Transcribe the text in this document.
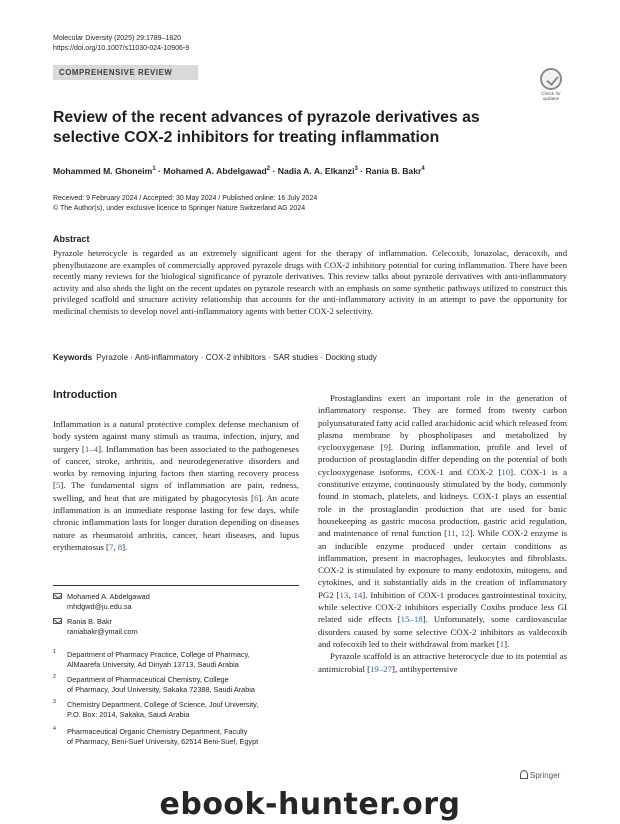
Molecular Diversity (2025) 29:1789–1820
https://doi.org/10.1007/s11030-024-10906-9
COMPREHENSIVE REVIEW
Check for
updates
Review of the recent advances of pyrazole derivatives as selective COX-2 inhibitors for treating inflammation
Mohammed M. Ghoneim$^1$ · Mohamed A. Abdelgawad$^2$ · Nadia A. A. Elkanzi$^3$ · Rania B. Bakr$^4$
Received: 9 February 2024 / Accepted: 30 May 2024 / Published online: 16 July 2024
© The Author(s), under exclusive licence to Springer Nature Switzerland AG 2024
Abstract
Pyrazole heterocycle is regarded as an extremely significant agent for the therapy of inflammation. Celecoxib, lonazolac, deracoxib, and phenylbutazone are examples of commercially approved pyrazole drugs with COX-2 inhibitory potential for curing inflammation. There have been recently many reviews for the biological significance of pyrazole derivatives. This review talks about pyrazole derivatives with anti-inflammatory activity and also sheds the light on the recent updates on pyrazole research with an emphasis on some synthetic pathways utilized to construct this privileged scaffold and structure activity relationship that accounts for the anti-inflammatory activity in an attempt to pave the opportunity for medicinal chemists to develop novel anti-inflammatory agents with better COX-2 selectivity.
Keywords Pyrazole · Anti-inflammatory · COX-2 inhibitors · SAR studies · Docking study
Introduction
Inflammation is a natural protective complex defense mechanism of body system against many stimuli as trauma, infection, injury, and surgery [1–4]. Inflammation has been associated to the pathogeneses of cancer, stroke, arthritis, and neurodegenerative disorders and works by removing injuring factors then starting recovery process [5]. The fundamental signs of inflammation are pain, redness, swelling, and heat that are mitigated by phagocytosis [6]. An acute inflammation is an immediate response lasting for few days, while chronic inflammation lasts for longer duration depending on diseases nature as rheumatoid arthritis, cancer, heart diseases, and lupus erythematosus [7, 8].

Prostaglandins exert an important role in the generation of inflammatory response. They are formed from twenty carbon polyunsaturated fatty acid called arachidonic acid which released from plasma membrane by phospholipases and metabolized by cyclooxygenase [9]. During inflammation, profile and level of production of prostaglandin differ depending on the potential of both cyclooxygenase isoforms, COX-1 and COX-2 [10]. COX-1 is a constitutive enzyme, continuously stimulated by the body, commonly found in stomach, platelets, and kidneys. COX-1 plays an essential role in the prostaglandin production that are used for basic housekeeping as gastric mucosa production, gastric acid regulation, and maintenance of renal function [11, 12]. While COX-2 enzyme is an inducible enzyme produced under certain conditions as inflammation, present in macrophages, leukocytes and fibroblasts. COX-2 is stimulated by exposure to many endotoxin, mitogens, and cytokines, and it substantially aids in the creation of inflammatory PG2 [13, 14]. Inhibition of COX-1 produces gastrointestinal toxicity, while selective COX-2 inhibitors especially Coxibs produce less GI related side effects [15–18]. Unfortunately, some cardiovascular disorders caused by some selective COX-2 inhibitors as valdecoxib and rofecoxib led to their withdrawal from market [1].

Pyrazole scaffold is an attractive heterocycle due to its potential as antimicrobial [19–27], antihypertensive

Mohamed A. Abdelgawad
mhdgwd@ju.edu.sa
Rania B. Bakr
raniabakr@ymail.com
1 Department of Pharmacy Practice, College of Pharmacy,
AlMaarefa University, Ad Diriyah 13713, Saudi Arabia
2 Department of Pharmaceutical Chemistry, College
of Pharmacy, Jouf University, Sakaka 72388, Saudi Arabia
3 Chemistry Department, College of Science, Jouf University,
P.O. Box: 2014, Sakaka, Saudi Arabia
4 Pharmaceutical Organic Chemistry Department, Faculty
of Pharmacy, Beni-Suef University, 62514 Beni-Suef, Egypt
Springer
ebook-hunter.org
